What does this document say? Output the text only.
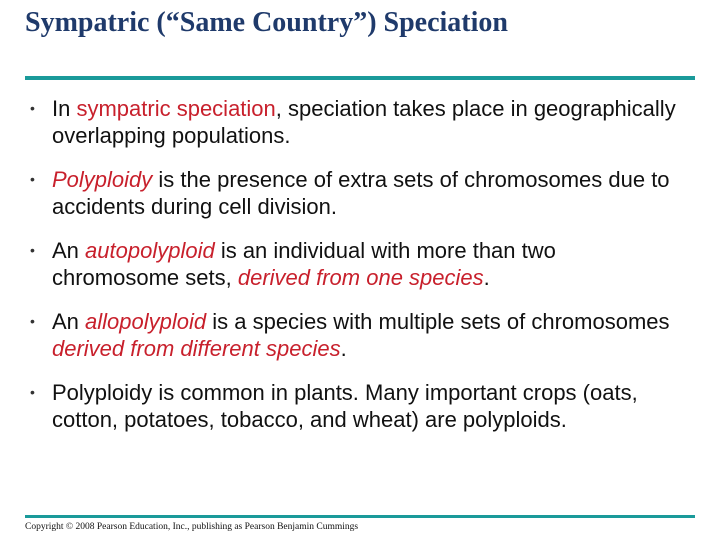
Sympatric (“Same Country”) Speciation
• In sympatric speciation, speciation takes place in geographically overlapping populations.
• Polyploidy is the presence of extra sets of chromosomes due to accidents during cell division.
• An autopolyploid is an individual with more than two chromosome sets, derived from one species.
• An allopolyploid is a species with multiple sets of chromosomes derived from different species.
• Polyploidy is common in plants. Many important crops (oats, cotton, potatoes, tobacco, and wheat) are polyploids.
Copyright © 2008 Pearson Education, Inc., publishing as Pearson Benjamin Cummings
